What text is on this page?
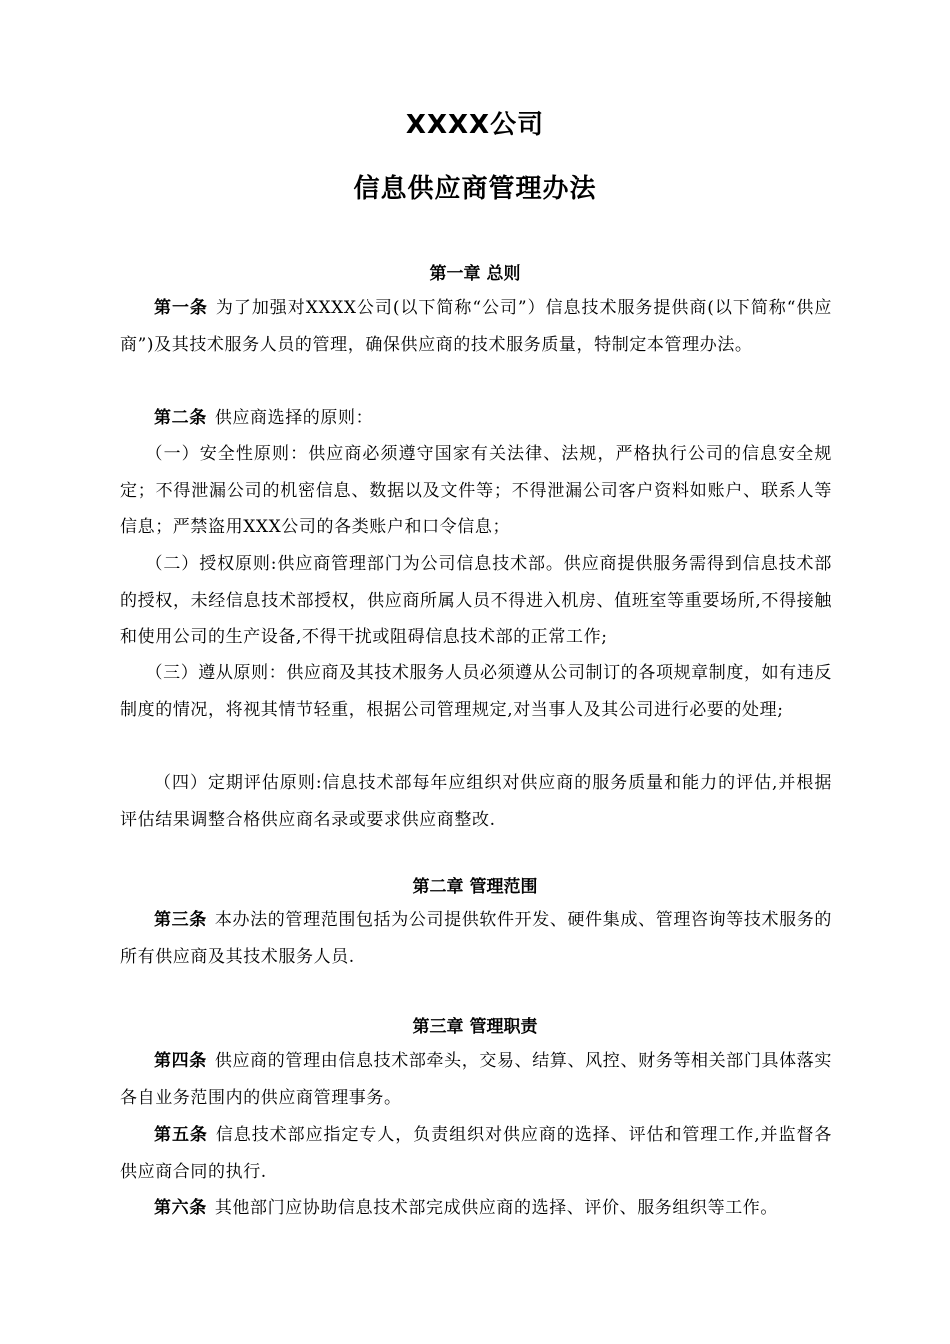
XXXX公司
信息供应商管理办法
第一章 总则
第一条 为了加强对XXXX公司(以下简称“公司”）信息技术服务提供商(以下简称“供应商”)及其技术服务人员的管理，确保供应商的技术服务质量，特制定本管理办法。
第二条 供应商选择的原则：
（一）安全性原则：供应商必须遵守国家有关法律、法规，严格执行公司的信息安全规定；不得泄漏公司的机密信息、数据以及文件等；不得泄漏公司客户资料如账户、联系人等信息；严禁盗用XXX公司的各类账户和口令信息；
（二）授权原则:供应商管理部门为公司信息技术部。供应商提供服务需得到信息技术部的授权，未经信息技术部授权，供应商所属人员不得进入机房、值班室等重要场所,不得接触和使用公司的生产设备,不得干扰或阻碍信息技术部的正常工作;
（三）遵从原则：供应商及其技术服务人员必须遵从公司制订的各项规章制度，如有违反制度的情况，将视其情节轻重，根据公司管理规定,对当事人及其公司进行必要的处理;
（四）定期评估原则:信息技术部每年应组织对供应商的服务质量和能力的评估,并根据评估结果调整合格供应商名录或要求供应商整改.
第二章 管理范围
第三条 本办法的管理范围包括为公司提供软件开发、硬件集成、管理咨询等技术服务的所有供应商及其技术服务人员.
第三章 管理职责
第四条 供应商的管理由信息技术部牵头，交易、结算、风控、财务等相关部门具体落实各自业务范围内的供应商管理事务。
第五条 信息技术部应指定专人，负责组织对供应商的选择、评估和管理工作,并监督各供应商合同的执行.
第六条 其他部门应协助信息技术部完成供应商的选择、评价、服务组织等工作。
